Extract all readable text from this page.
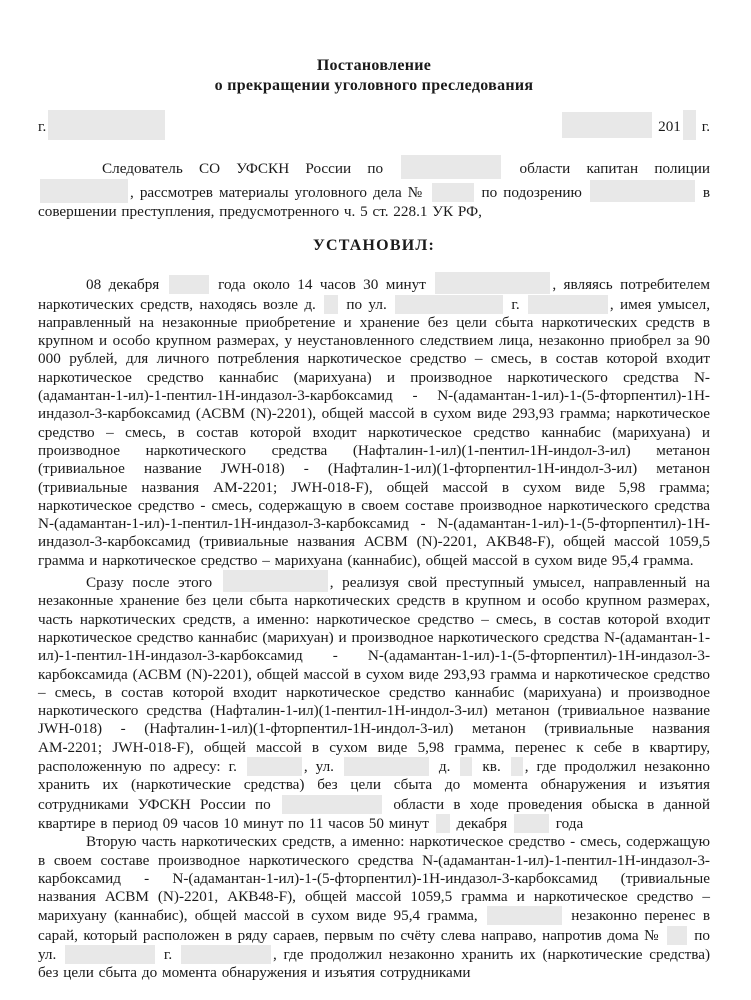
Постановление
о прекращении уголовного преследования
г.	201 г.

Следователь СО УФСКН России по	области капитан полиции , рассмотрев материалы уголовного дела №	по подозрению	в совершении преступления, предусмотренного ч. 5 ст. 228.1 УК РФ,

УСТАНОВИЛ:

08 декабря	года около 14 часов 30 минут	, являясь потребителем наркотических средств, находясь возле д.  по ул.	г.	, имея умысел, направленный на незаконные приобретение и хранение без цели сбыта наркотических средств в крупном и особо крупном размерах, у неустановленного следствием лица, незаконно приобрел за 90 000 рублей, для личного потребления наркотическое средство – смесь, в состав которой входит наркотическое средство каннабис (марихуана) и производное наркотического средства N-(адамантан-1-ил)-1-пентил-1Н-индазол-3-карбоксамид - N-(адамантан-1-ил)-1-(5-фторпентил)-1Н-индазол-3-карбоксамид (АСВМ (N)-2201), общей массой в сухом виде 293,93 грамма; наркотическое средство – смесь, в состав которой входит наркотическое средство каннабис (марихуана) и производное наркотического средства (Нафталин-1-ил)(1-пентил-1Н-индол-3-ил) метанон (тривиальное название JWH-018) - (Нафталин-1-ил)(1-фторпентил-1Н-индол-3-ил) метанон (тривиальные названия АМ-2201; JWH-018-F), общей массой в сухом виде 5,98 грамма; наркотическое средство - смесь, содержащую в своем составе производное наркотического средства N-(адамантан-1-ил)-1-пентил-1Н-индазол-3-карбоксамид - N-(адамантан-1-ил)-1-(5-фторпентил)-1Н-индазол-3-карбоксамид (тривиальные названия АСВМ (N)-2201, АКВ48-F), общей массой 1059,5 грамма и наркотическое средство – марихуана (каннабис), общей массой в сухом виде 95,4 грамма.

Сразу после этого	, реализуя свой преступный умысел, направленный на незаконные хранение без цели сбыта наркотических средств в крупном и особо крупном размерах, часть наркотических средств, а именно: наркотическое средство – смесь, в состав которой входит наркотическое средство каннабис (марихуан) и производное наркотического средства N-(адамантан-1-ил)-1-пентил-1Н-индазол-3-карбоксамид - N-(адамантан-1-ил)-1-(5-фторпентил)-1Н-индазол-3-карбоксамида (АСВМ (N)-2201), общей массой в сухом виде 293,93 грамма и наркотическое средство – смесь, в состав которой входит наркотическое средство каннабис (марихуана) и производное наркотического средства (Нафталин-1-ил)(1-пентил-1Н-индол-3-ил) метанон (тривиальное название JWH-018) - (Нафталин-1-ил)(1-фторпентил-1Н-индол-3-ил) метанон (тривиальные названия АМ-2201; JWH-018-F), общей массой в сухом виде 5,98 грамма, перенес к себе в квартиру, расположенную по адресу: г.	, ул.	д.  кв. , где продолжил незаконно хранить их (наркотические средства) без цели сбыта до момента обнаружения и изъятия сотрудниками УФСКН России по	области в ходе проведения обыска в данной квартире в период 09 часов 10 минут по 11 часов 50 минут  декабря	года

Вторую часть наркотических средств, а именно: наркотическое средство - смесь, содержащую в своем составе производное наркотического средства N-(адамантан-1-ил)-1-пентил-1Н-индазол-3-карбоксамид - N-(адамантан-1-ил)-1-(5-фторпентил)-1Н-индазол-3-карбоксамид (тривиальные названия АСВМ (N)-2201, АКВ48-F), общей массой 1059,5 грамма и наркотическое средство – марихуану (каннабис), общей массой в сухом виде 95,4 грамма,	незаконно перенес в сарай, который расположен в ряду сараев, первым по счёту слева направо, напротив дома №  по ул.	г.	, где продолжил незаконно хранить их (наркотические средства) без цели сбыта до момента обнаружения и изъятия сотрудниками
